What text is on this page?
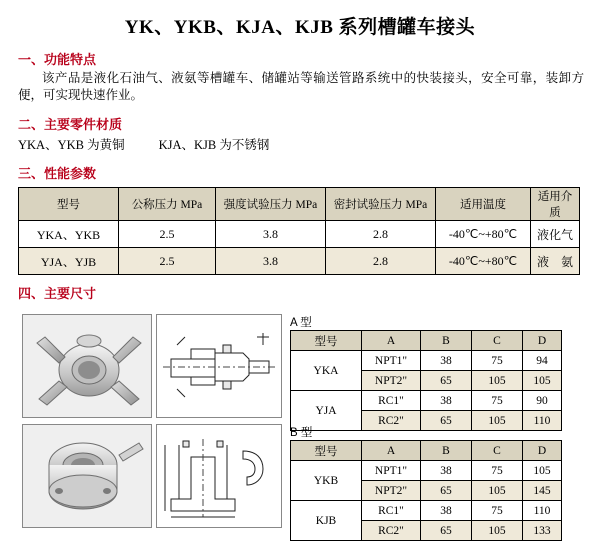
YK、YKB、KJA、KJB 系列槽罐车接头
一、功能特点
该产品是液化石油气、液氨等槽罐车、储罐站等输送管路系统中的快装接头，安全可靠，装卸方便，可实现快速作业。
二、主要零件材质
YKA、YKB 为黄铜	KJA、KJB 为不锈钢
三、性能参数
型号	公称压力 MPa	强度试验压力 MPa	密封试验压力 MPa	适用温度	适用介质
YKA、YKB	2.5	3.8	2.8	-40℃~+80℃	液化气
YJA、YJB	2.5	3.8	2.8	-40℃~+80℃	液　氨
四、主要尺寸
A 型
型号	A	B	C	D
YKA	NPT1"	38	75	94
	NPT2"	65	105	105
YJA	RC1"	38	75	90
	RC2"	65	105	110
B 型
型号	A	B	C	D
YKB	NPT1"	38	75	105
	NPT2"	65	105	145
KJB	RC1"	38	75	110
	RC2"	65	105	133
